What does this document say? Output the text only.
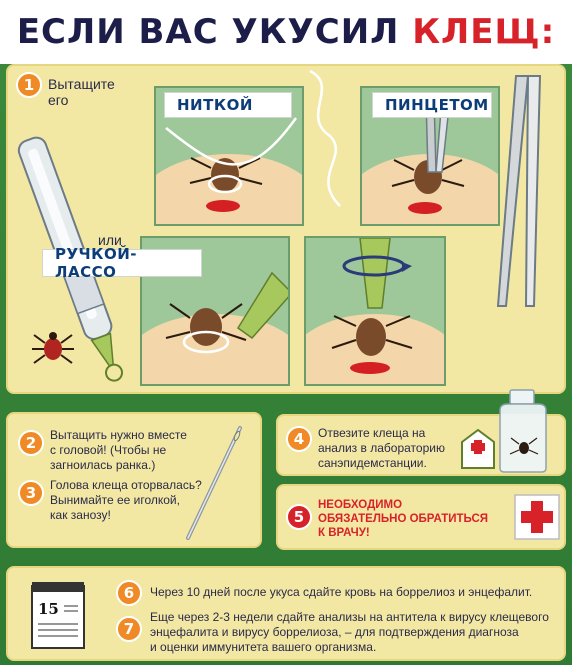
ЕСЛИ ВАС УКУСИЛ КЛЕЩ:
1 Вытащите
его	НИТКОЙ	ПИНЦЕТОМ
или
РУЧКОЙ-ЛАССО
2	Вытащить нужно вместе
с головой! (Чтобы не
загноилась ранка.)
3	Голова клеща оторвалась?
Вынимайте ее иголкой,
как занозу!
4	Отвезите клеща на
анализ в лабораторию
санэпидемстанции.
5
НЕОБХОДИМО
ОБЯЗАТЕЛЬНО ОБРАТИТЬСЯ
К ВРАЧУ!
15
6	Через 10 дней после укуса сдайте кровь на боррелиоз и энцефалит.
7
Еще через 2-3 недели сдайте анализы на антитела к вирусу клещевого
энцефалита и вирусу боррелиоза, – для подтверждения диагноза
и оценки иммунитета вашего организма.
